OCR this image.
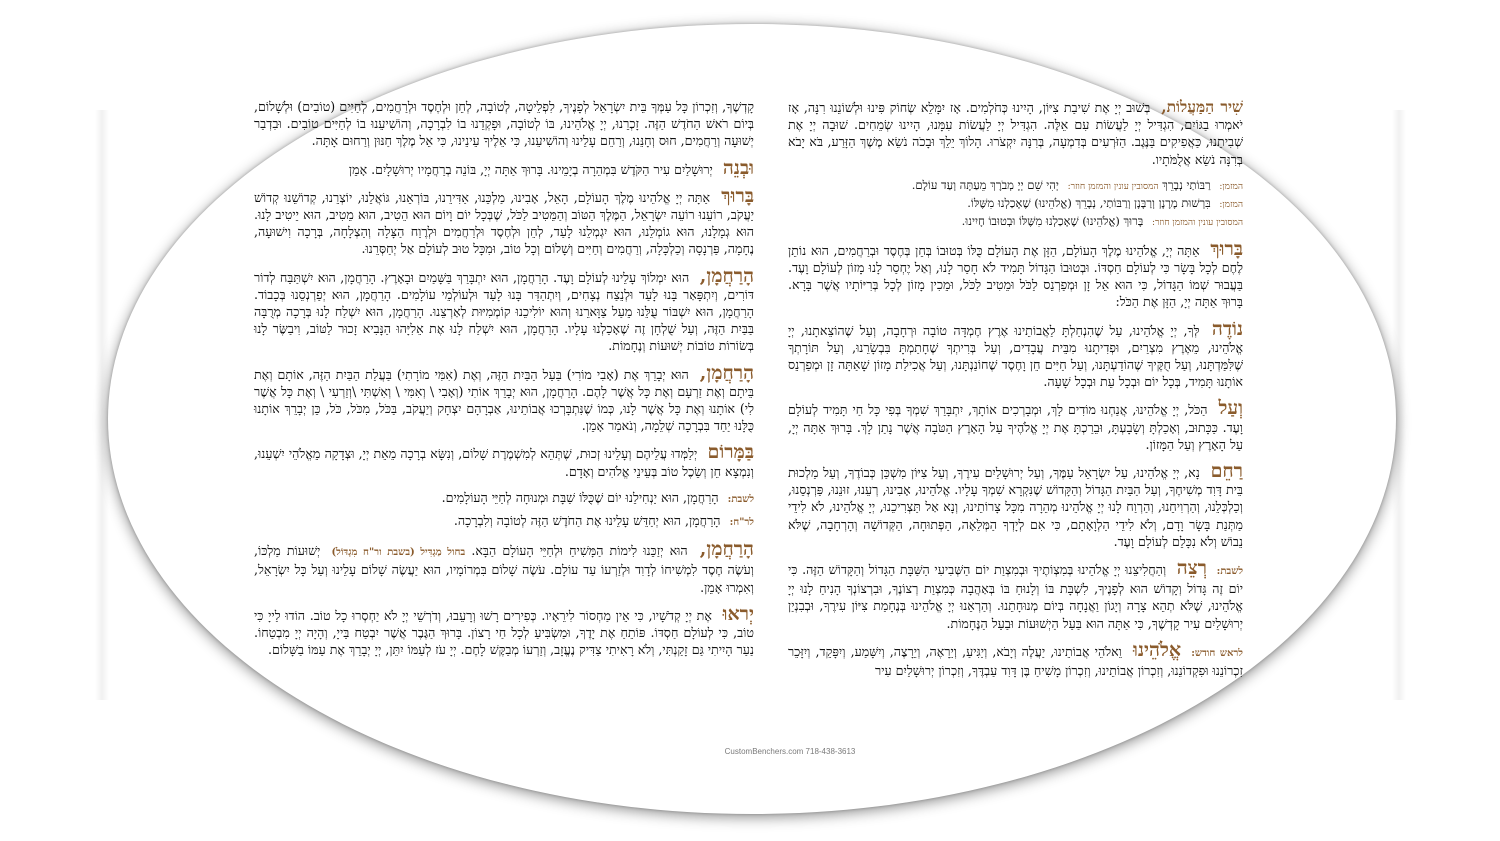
שִׁיר הַמַּעֲלוֹת, בְּשׁוּב יְיָ אֶת שִׁיבַת צִיּוֹן, הָיִינוּ כְּחֹלְמִים. אָז יִמָּלֵא שְׂחוֹק פִּינוּ וּלְשׁוֹנֵנוּ רִנָּה, אָז יֹאמְרוּ בַגּוֹיִם, הִגְדִּיל יְיָ לַעֲשׂוֹת עִם אֵלֶּה. הִגְדִּיל יְיָ לַעֲשׂוֹת עִמָּנוּ, הָיִינוּ שְׂמֵחִים. שׁוּבָה יְיָ אֶת שְׁבִיתֵנוּ, כַּאֲפִיקִים בַּנֶּגֶב. הַזֹּרְעִים בְּדִמְעָה, בְּרִנָּה יִקְצֹרוּ. הָלוֹךְ יֵלֵךְ וּבָכֹה נֹשֵׂא מֶשֶׁךְ הַזָּרַע, בֹּא יָבֹא בְרִנָּה נֹשֵׂא אֲלֻמֹּתָיו.

המזמן: רַבּוֹתַי נְבָרֵךְ המסובין עונין והמזמן חוזר: יְהִי שֵׁם יְיָ מְבֹרָךְ מֵעַתָּה וְעַד עוֹלָם.

המזמן: בִּרְשׁוּת מָרָנָן וְרַבָּנָן וְרַבּוֹתַי, נְבָרֵךְ (אֱלֹהֵינוּ) שֶׁאָכַלְנוּ מִשֶּׁלּוֹ.

המסובין עונין והמזמן חוזר: בָּרוּךְ (אֱלֹהֵינוּ) שֶׁאָכַלְנוּ מִשֶּׁלּוֹ וּבְטוּבוֹ חָיִינוּ.

בָּרוּךְ אַתָּה יְיָ, אֱלֹהֵינוּ מֶלֶךְ הָעוֹלָם, הַזָּן אֶת הָעוֹלָם כֻּלּוֹ בְּטוּבוֹ בְּחֵן בְּחֶסֶד וּבְרַחֲמִים, הוּא נוֹתֵן לֶחֶם לְכָל בָּשָׂר כִּי לְעוֹלָם חַסְדּוֹ. וּבְטוּבוֹ הַגָּדוֹל תָּמִיד לֹא חָסַר לָנוּ, וְאַל יֶחְסַר לָנוּ מָזוֹן לְעוֹלָם וָעֶד. בַּעֲבוּר שְׁמוֹ הַגָּדוֹל, כִּי הוּא אֵל זָן וּמְפַרְנֵס לַכֹּל וּמֵטִיב לַכֹּל, וּמֵכִין מָזוֹן לְכָל בְּרִיּוֹתָיו אֲשֶׁר בָּרָא. בָּרוּךְ אַתָּה יְיָ, הַזָּן אֶת הַכֹּל:

נוֹדֶה לְּךָ, יְיָ אֱלֹהֵינוּ, עַל שֶׁהִנְחַלְתָּ לַאֲבוֹתֵינוּ אֶרֶץ חֶמְדָּה טוֹבָה וּרְחָבָה, וְעַל שֶׁהוֹצֵאתָנוּ, יְיָ אֱלֹהֵינוּ, מֵאֶרֶץ מִצְרַיִם, וּפְדִיתָנוּ מִבֵּית עֲבָדִים, וְעַל בְּרִיתְךָ שֶׁחָתַמְתָּ בִּבְשָׂרֵנוּ, וְעַל תּוֹרָתְךָ שֶׁלִּמַּדְתָּנוּ, וְעַל חֻקֶּיךָ שֶׁהוֹדַעְתָּנוּ, וְעַל חַיִּים חֵן וָחֶסֶד שֶׁחוֹנַנְתָּנוּ, וְעַל אֲכִילַת מָזוֹן שָׁאַתָּה זָן וּמְפַרְנֵס אוֹתָנוּ תָּמִיד, בְּכָל יוֹם וּבְכָל עֵת וּבְכָל שָׁעָה.

וְעַל הַכֹּל, יְיָ אֱלֹהֵינוּ, אֲנַחְנוּ מוֹדִים לָךְ, וּמְבָרְכִים אוֹתָךְ, יִתְבָּרַךְ שִׁמְךָ בְּפִי כָּל חַי תָּמִיד לְעוֹלָם וָעֶד. כַּכָּתוּב, וְאָכַלְתָּ וְשָׂבָעְתָּ, וּבֵרַכְתָּ אֶת יְיָ אֱלֹהֶיךָ עַל הָאָרֶץ הַטֹּבָה אֲשֶׁר נָתַן לָךְ. בָּרוּךְ אַתָּה יְיָ, עַל הָאָרֶץ וְעַל הַמָּזוֹן.

רַחֵם נָא, יְיָ אֱלֹהֵינוּ, עַל יִשְׂרָאֵל עַמֶּךָ, וְעַל יְרוּשָׁלַיִם עִירֶךָ, וְעַל צִיּוֹן מִשְׁכַּן כְּבוֹדֶךָ, וְעַל מַלְכוּת בֵּית דָּוִד מְשִׁיחֶךָ, וְעַל הַבַּיִת הַגָּדוֹל וְהַקָּדוֹשׁ שֶׁנִּקְרָא שִׁמְךָ עָלָיו. אֱלֹהֵינוּ, אָבִינוּ, רְעֵנוּ, זוּנֵנוּ, פַּרְנְסֵנוּ, וְכַלְכְּלֵנוּ, וְהַרְוִיחֵנוּ, וְהַרְוַח לָנוּ יְיָ אֱלֹהֵינוּ מְהֵרָה מִכָּל צָרוֹתֵינוּ, וְנָא אַל תַּצְרִיכֵנוּ, יְיָ אֱלֹהֵינוּ, לֹא לִידֵי מַתְּנַת בָּשָׂר וָדָם, וְלֹא לִידֵי הַלְוָאָתָם, כִּי אִם לְיָדְךָ הַמְּלֵאָה, הַפְּתוּחָה, הַקְּדוֹשָׁה וְהָרְחָבָה, שֶׁלֹּא נֵבוֹשׁ וְלֹא נִכָּלֵם לְעוֹלָם וָעֶד.

לשבת: רְצֵה וְהַחֲלִיצֵנוּ יְיָ אֱלֹהֵינוּ בְּמִצְוֹתֶיךָ וּבְמִצְוַת יוֹם הַשְּׁבִיעִי הַשַּׁבָּת הַגָּדוֹל וְהַקָּדוֹשׁ הַזֶּה. כִּי יוֹם זֶה גָּדוֹל וְקָדוֹשׁ הוּא לְפָנֶיךָ, לִשְׁבָּת בּוֹ וְלָנוּחַ בּוֹ בְּאַהֲבָה כְּמִצְוַת רְצוֹנֶךָ, וּבִרְצוֹנְךָ הָנִיחַ לָנוּ יְיָ אֱלֹהֵינוּ, שֶׁלֹּא תְהֵא צָרָה וְיָגוֹן וַאֲנָחָה בְּיוֹם מְנוּחָתֵנוּ. וְהַרְאֵנוּ יְיָ אֱלֹהֵינוּ בְּנֶחָמַת צִיּוֹן עִירֶךָ, וּבְבִנְיַן יְרוּשָׁלַיִם עִיר קָדְשֶׁךָ, כִּי אַתָּה הוּא בַּעַל הַיְשׁוּעוֹת וּבַעַל הַנֶּחָמוֹת.

לראש חודש: אֱלֹהֵינוּ וֵאלֹהֵי אֲבוֹתֵינוּ, יַעֲלֶה וְיָבֹא, וְיַגִּיעַ, וְיֵרָאֶה, וְיֵרָצֶה, וְיִשָּׁמַע, וְיִפָּקֵד, וְיִזָּכֵר זִכְרוֹנֵנוּ וּפִקְדוֹנֵנוּ, וְזִכְרוֹן אֲבוֹתֵינוּ, וְזִכְרוֹן מָשִׁיחַ בֶּן דָּוִד עַבְדֶּךָ, וְזִכְרוֹן יְרוּשָׁלַיִם עִיר

קָדְשֶׁךָ, וְזִכְרוֹן כָּל עַמְּךָ בֵּית יִשְׂרָאֵל לְפָנֶיךָ, לִפְלֵיטָה, לְטוֹבָה, לְחֵן וּלְחֶסֶד וּלְרַחֲמִים, לְחַיִּים (טוֹבִים) וּלְשָׁלוֹם, בְּיוֹם רֹאשׁ הַחֹדֶשׁ הַזֶּה. זָכְרֵנוּ, יְיָ אֱלֹהֵינוּ, בּוֹ לְטוֹבָה, וּפָקְדֵנוּ בוֹ לִבְרָכָה, וְהוֹשִׁיעֵנוּ בוֹ לְחַיִּים טוֹבִים. וּבִדְבַר יְשׁוּעָה וְרַחֲמִים, חוּס וְחָנֵּנוּ, וְרַחֵם עָלֵינוּ וְהוֹשִׁיעֵנוּ, כִּי אֵלֶיךָ עֵינֵינוּ, כִּי אֵל מֶלֶךְ חַנּוּן וְרַחוּם אָתָּה.

וּבְנֵה יְרוּשָׁלַיִם עִיר הַקֹּדֶשׁ בִּמְהֵרָה בְיָמֵינוּ. בָּרוּךְ אַתָּה יְיָ, בּוֹנֵה בְרַחֲמָיו יְרוּשָׁלָיִם. אָמֵן

בָּרוּךְ אַתָּה יְיָ אֱלֹהֵינוּ מֶלֶךְ הָעוֹלָם, הָאֵל, אָבִינוּ, מַלְכֵּנוּ, אַדִּירֵנוּ, בּוֹרְאֵנוּ, גּוֹאֲלֵנוּ, יוֹצְרֵנוּ, קְדוֹשֵׁנוּ קְדוֹשׁ יַעֲקֹב, רוֹעֵנוּ רוֹעֵה יִשְׂרָאֵל, הַמֶּלֶךְ הַטּוֹב וְהַמֵּטִיב לַכֹּל, שֶׁבְּכָל יוֹם וָיוֹם הוּא הֵטִיב, הוּא מֵטִיב, הוּא יֵיטִיב לָנוּ. הוּא גְמָלָנוּ, הוּא גוֹמְלֵנוּ, הוּא יִגְמְלֵנוּ לָעַד, לְחֵן וּלְחֶסֶד וּלְרַחֲמִים וּלְרֶוַח הַצָּלָה וְהַצְלָחָה, בְּרָכָה וִישׁוּעָה, נֶחָמָה, פַּרְנָסָה וְכַלְכָּלָה, וְרַחֲמִים וְחַיִּים וְשָׁלוֹם וְכָל טוֹב, וּמִכָּל טוּב לְעוֹלָם אַל יְחַסְּרֵנוּ.

הָרַחֲמָן, הוּא יִמְלוֹךְ עָלֵינוּ לְעוֹלָם וָעֶד. הָרַחֲמָן, הוּא יִתְבָּרַךְ בַּשָּׁמַיִם וּבָאָרֶץ. הָרַחֲמָן, הוּא יִשְׁתַּבַּח לְדוֹר דּוֹרִים, וְיִתְפָּאַר בָּנוּ לָעַד וּלְנֵצַח נְצָחִים, וְיִתְהַדַּר בָּנוּ לָעַד וּלְעוֹלְמֵי עוֹלָמִים. הָרַחֲמָן, הוּא יְפַרְנְסֵנוּ בְּכָבוֹד. הָרַחֲמָן, הוּא יִשְׁבּוֹר עֻלֵּנוּ מֵעַל צַוָּארֵנוּ וְהוּא יוֹלִיכֵנוּ קוֹמְמִיּוּת לְאַרְצֵנוּ. הָרַחֲמָן, הוּא יִשְׁלַח לָנוּ בְּרָכָה מְרֻבָּה בַּבַּיִת הַזֶּה, וְעַל שֻׁלְחָן זֶה שֶׁאָכַלְנוּ עָלָיו. הָרַחֲמָן, הוּא יִשְׁלַח לָנוּ אֶת אֵלִיָּהוּ הַנָּבִיא זָכוּר לַטּוֹב, וִיבַשֶּׂר לָנוּ בְּשׂוֹרוֹת טוֹבוֹת יְשׁוּעוֹת וְנֶחָמוֹת.

הָרַחֲמָן, הוּא יְבָרֵךְ אֶת (אָבִי מוֹרִי) בַּעַל הַבַּיִת הַזֶּה, וְאֶת (אִמִּי מוֹרָתִי) בַּעֲלַת הַבַּיִת הַזֶּה, אוֹתָם וְאֶת בֵּיתָם וְאֶת זַרְעָם וְאֶת כָּל אֲשֶׁר לָהֶם. הָרַחֲמָן, הוּא יְבָרֵךְ אוֹתִי (וְאָבִי \ וְאִמִּי \ וְאִשְׁתִּי \וְזַרְעִי \ וְאֶת כָּל אֲשֶׁר לִי) אוֹתָנוּ וְאֶת כָּל אֲשֶׁר לָנוּ, כְּמוֹ שֶׁנִּתְבָּרְכוּ אֲבוֹתֵינוּ, אַבְרָהָם יִצְחָק וְיַעֲקֹב, בַּכֹּל, מִכֹּל, כֹּל, כֵּן יְבָרֵךְ אוֹתָנוּ כֻּלָּנוּ יַחַד בִּבְרָכָה שְׁלֵמָה, וְנֹאמַר אָמֵן.

בַּמָּרוֹם יְלַמְּדוּ עֲלֵיהֶם וְעָלֵינוּ זְכוּת, שֶׁתְּהֵא לְמִשְׁמֶרֶת שָׁלוֹם, וְנִשָּׂא בְרָכָה מֵאֵת יְיָ, וּצְדָקָה מֵאֱלֹהֵי יִשְׁעֵנוּ, וְנִמְצָא חֵן וְשֵׂכֶל טוֹב בְּעֵינֵי אֱלֹהִים וְאָדָם.

לשבת: הָרַחֲמָן, הוּא יַנְחִילֵנוּ יוֹם שֶׁכֻּלּוֹ שַׁבָּת וּמְנוּחָה לְחַיֵּי הָעוֹלָמִים.

לר"ח: הָרַחֲמָן, הוּא יְחַדֵּשׁ עָלֵינוּ אֶת הַחֹדֶשׁ הַזֶּה לְטוֹבָה וְלִבְרָכָה.

הָרַחֲמָן, הוּא יְזַכֵּנוּ לִימוֹת הַמָּשִׁיחַ וּלְחַיֵּי הָעוֹלָם הַבָּא. בחול מַגְדִּיל (בשבת ור"ח מִגְדּוֹל) יְשׁוּעוֹת מַלְכּוֹ, וְעֹשֶׂה חֶסֶד לִמְשִׁיחוֹ לְדָוִד וּלְזַרְעוֹ עַד עוֹלָם. עֹשֶׂה שָׁלוֹם בִּמְרוֹמָיו, הוּא יַעֲשֶׂה שָׁלוֹם עָלֵינוּ וְעַל כָּל יִשְׂרָאֵל, וְאִמְרוּ אָמֵן.

יְראוּ אֶת יְיָ קְדֹשָׁיו, כִּי אֵין מַחְסוֹר לִירֵאָיו. כְּפִירִים רָשׁוּ וְרָעֵבוּ, וְדֹרְשֵׁי יְיָ לֹא יַחְסְרוּ כָל טוֹב. הוֹדוּ לַייָ כִּי טוֹב, כִּי לְעוֹלָם חַסְדּוֹ. פּוֹתֵחַ אֶת יָדֶךָ, וּמַשְׂבִּיעַ לְכָל חַי רָצוֹן. בָּרוּךְ הַגֶּבֶר אֲשֶׁר יִבְטַח בַּייָ, וְהָיָה יְיָ מִבְטַחוֹ. נַעַר הָיִיתִי גַּם זָקַנְתִּי, וְלֹא רָאִיתִי צַדִּיק נֶעֱזָב, וְזַרְעוֹ מְבַקֶּשׁ לָחֶם. יְיָ עֹז לְעַמּוֹ יִתֵּן, יְיָ יְבָרֵךְ אֶת עַמּוֹ בַשָּׁלוֹם.

CustomBenchers.com 718-438-3613
